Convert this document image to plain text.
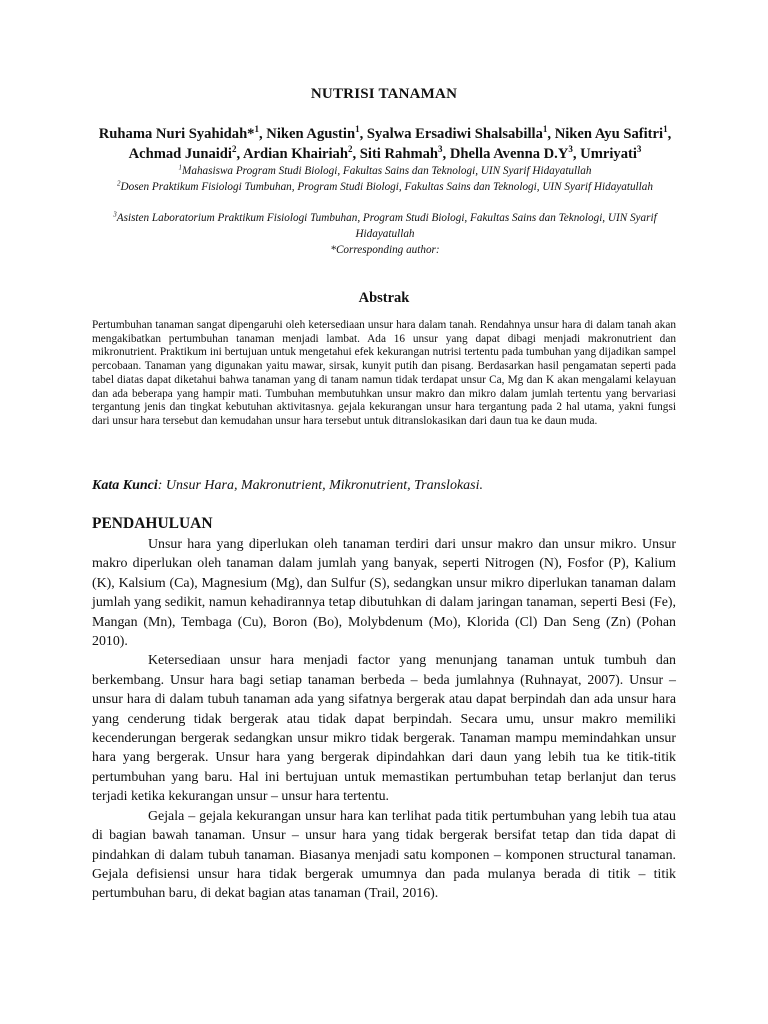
NUTRISI TANAMAN
Ruhama Nuri Syahidah*$^1$, Niken Agustin$^1$, Syalwa Ersadiwi Shalsabilla$^1$, Niken Ayu Safitri$^1$, Achmad Junaidi$^2$, Ardian Khairiah$^2$, Siti Rahmah$^3$, Dhella Avenna $D.Y^3$, Umriyati$^3$
$^1$Mahasiswa Program Studi Biologi, Fakultas Sains dan Teknologi, UIN Syarif Hidayatullah
$^2$Dosen Praktikum Fisiologi Tumbuhan, Program Studi Biologi, Fakultas Sains dan Teknologi, UIN Syarif Hidayatullah
$^3$Asisten Laboratorium Praktikum Fisiologi Tumbuhan, Program Studi Biologi, Fakultas Sains dan Teknologi, UIN Syarif Hidayatullah
*Corresponding author:
Abstrak

Pertumbuhan tanaman sangat dipengaruhi oleh ketersediaan unsur hara dalam tanah. Rendahnya unsur hara di dalam tanah akan mengakibatkan pertumbuhan tanaman menjadi lambat. Ada 16 unsur yang dapat dibagi menjadi makronutrient dan mikronutrient. Praktikum ini bertujuan untuk mengetahui efek kekurangan nutrisi tertentu pada tumbuhan yang dijadikan sampel percobaan. Tanaman yang digunakan yaitu mawar, sirsak, kunyit putih dan pisang. Berdasarkan hasil pengamatan seperti pada tabel diatas dapat diketahui bahwa tanaman yang di tanam namun tidak terdapat unsur Ca, Mg dan K akan mengalami kelayuan dan ada beberapa yang hampir mati. Tumbuhan membutuhkan unsur makro dan mikro dalam jumlah tertentu yang bervariasi tergantung jenis dan tingkat kebutuhan aktivitasnya. gejala kekurangan unsur hara tergantung pada 2 hal utama, yakni fungsi dari unsur hara tersebut dan kemudahan unsur hara tersebut untuk ditranslokasikan dari daun tua ke daun muda.

Kata Kunci: Unsur Hara, Makronutrient, Mikronutrient, Translokasi.
PENDAHULUAN

Unsur hara yang diperlukan oleh tanaman terdiri dari unsur makro dan unsur mikro. Unsur makro diperlukan oleh tanaman dalam jumlah yang banyak, seperti Nitrogen (N), Fosfor (P), Kalium (K), Kalsium (Ca), Magnesium (Mg), dan Sulfur (S), sedangkan unsur mikro diperlukan tanaman dalam jumlah yang sedikit, namun kehadirannya tetap dibutuhkan di dalam jaringan tanaman, seperti Besi (Fe), Mangan (Mn), Tembaga (Cu), Boron (Bo), Molybdenum (Mo), Klorida (Cl) Dan Seng (Zn) (Pohan 2010).

Ketersediaan unsur hara menjadi factor yang menunjang tanaman untuk tumbuh dan berkembang. Unsur hara bagi setiap tanaman berbeda – beda jumlahnya (Ruhnayat, 2007). Unsur – unsur hara di dalam tubuh tanaman ada yang sifatnya bergerak atau dapat berpindah dan ada unsur hara yang cenderung tidak bergerak atau tidak dapat berpindah. Secara umu, unsur makro memiliki kecenderungan bergerak sedangkan unsur mikro tidak bergerak. Tanaman mampu memindahkan unsur hara yang bergerak. Unsur hara yang bergerak dipindahkan dari daun yang lebih tua ke titik-titik pertumbuhan yang baru. Hal ini bertujuan untuk memastikan pertumbuhan tetap berlanjut dan terus terjadi ketika kekurangan unsur – unsur hara tertentu.

Gejala – gejala kekurangan unsur hara kan terlihat pada titik pertumbuhan yang lebih tua atau di bagian bawah tanaman. Unsur – unsur hara yang tidak bergerak bersifat tetap dan tida dapat di pindahkan di dalam tubuh tanaman. Biasanya menjadi satu komponen – komponen structural tanaman. Gejala defisiensi unsur hara tidak bergerak umumnya dan pada mulanya berada di titik – titik pertumbuhan baru, di dekat bagian atas tanaman (Trail, 2016).
